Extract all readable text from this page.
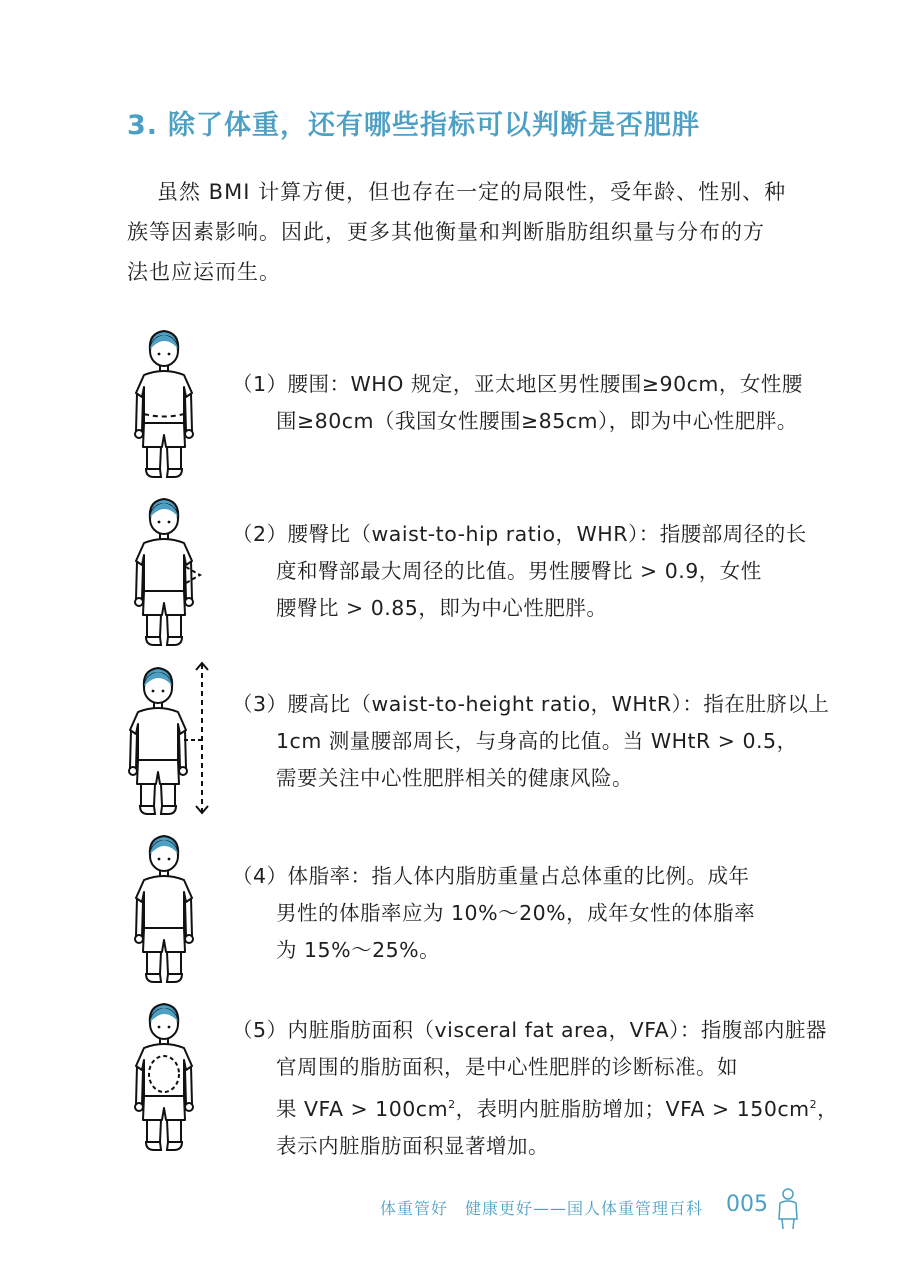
3. 除了体重，还有哪些指标可以判断是否肥胖

虽然 BMI 计算方便，但也存在一定的局限性，受年龄、性别、种

族等因素影响。因此，更多其他衡量和判断脂肪组织量与分布的方

法也应运而生。

（1）腰围：WHO 规定，亚太地区男性腰围≥90cm，女性腰
围≥80cm（我国女性腰围≥85cm），即为中心性肥胖。
（2）腰臀比（waist-to-hip ratio，WHR）：指腰部周径的长
度和臀部最大周径的比值。男性腰臀比 > 0.9，女性
腰臀比 > 0.85，即为中心性肥胖。
（3）腰高比（waist-to-height ratio，WHtR）：指在肚脐以上
1cm 测量腰部周长，与身高的比值。当 WHtR > 0.5，
需要关注中心性肥胖相关的健康风险。
（4）体脂率：指人体内脂肪重量占总体重的比例。成年
男性的体脂率应为 10%～20%，成年女性的体脂率
为 15%～25%。
（5）内脏脂肪面积（visceral fat area，VFA）：指腹部内脏器
官周围的脂肪面积，是中心性肥胖的诊断标准。如
果 VFA > $100cm^2$，表明内脏脂肪增加；VFA > $150cm^2$，
表示内脏脂肪面积显著增加。
体重管好　健康更好——国人体重管理百科 005
